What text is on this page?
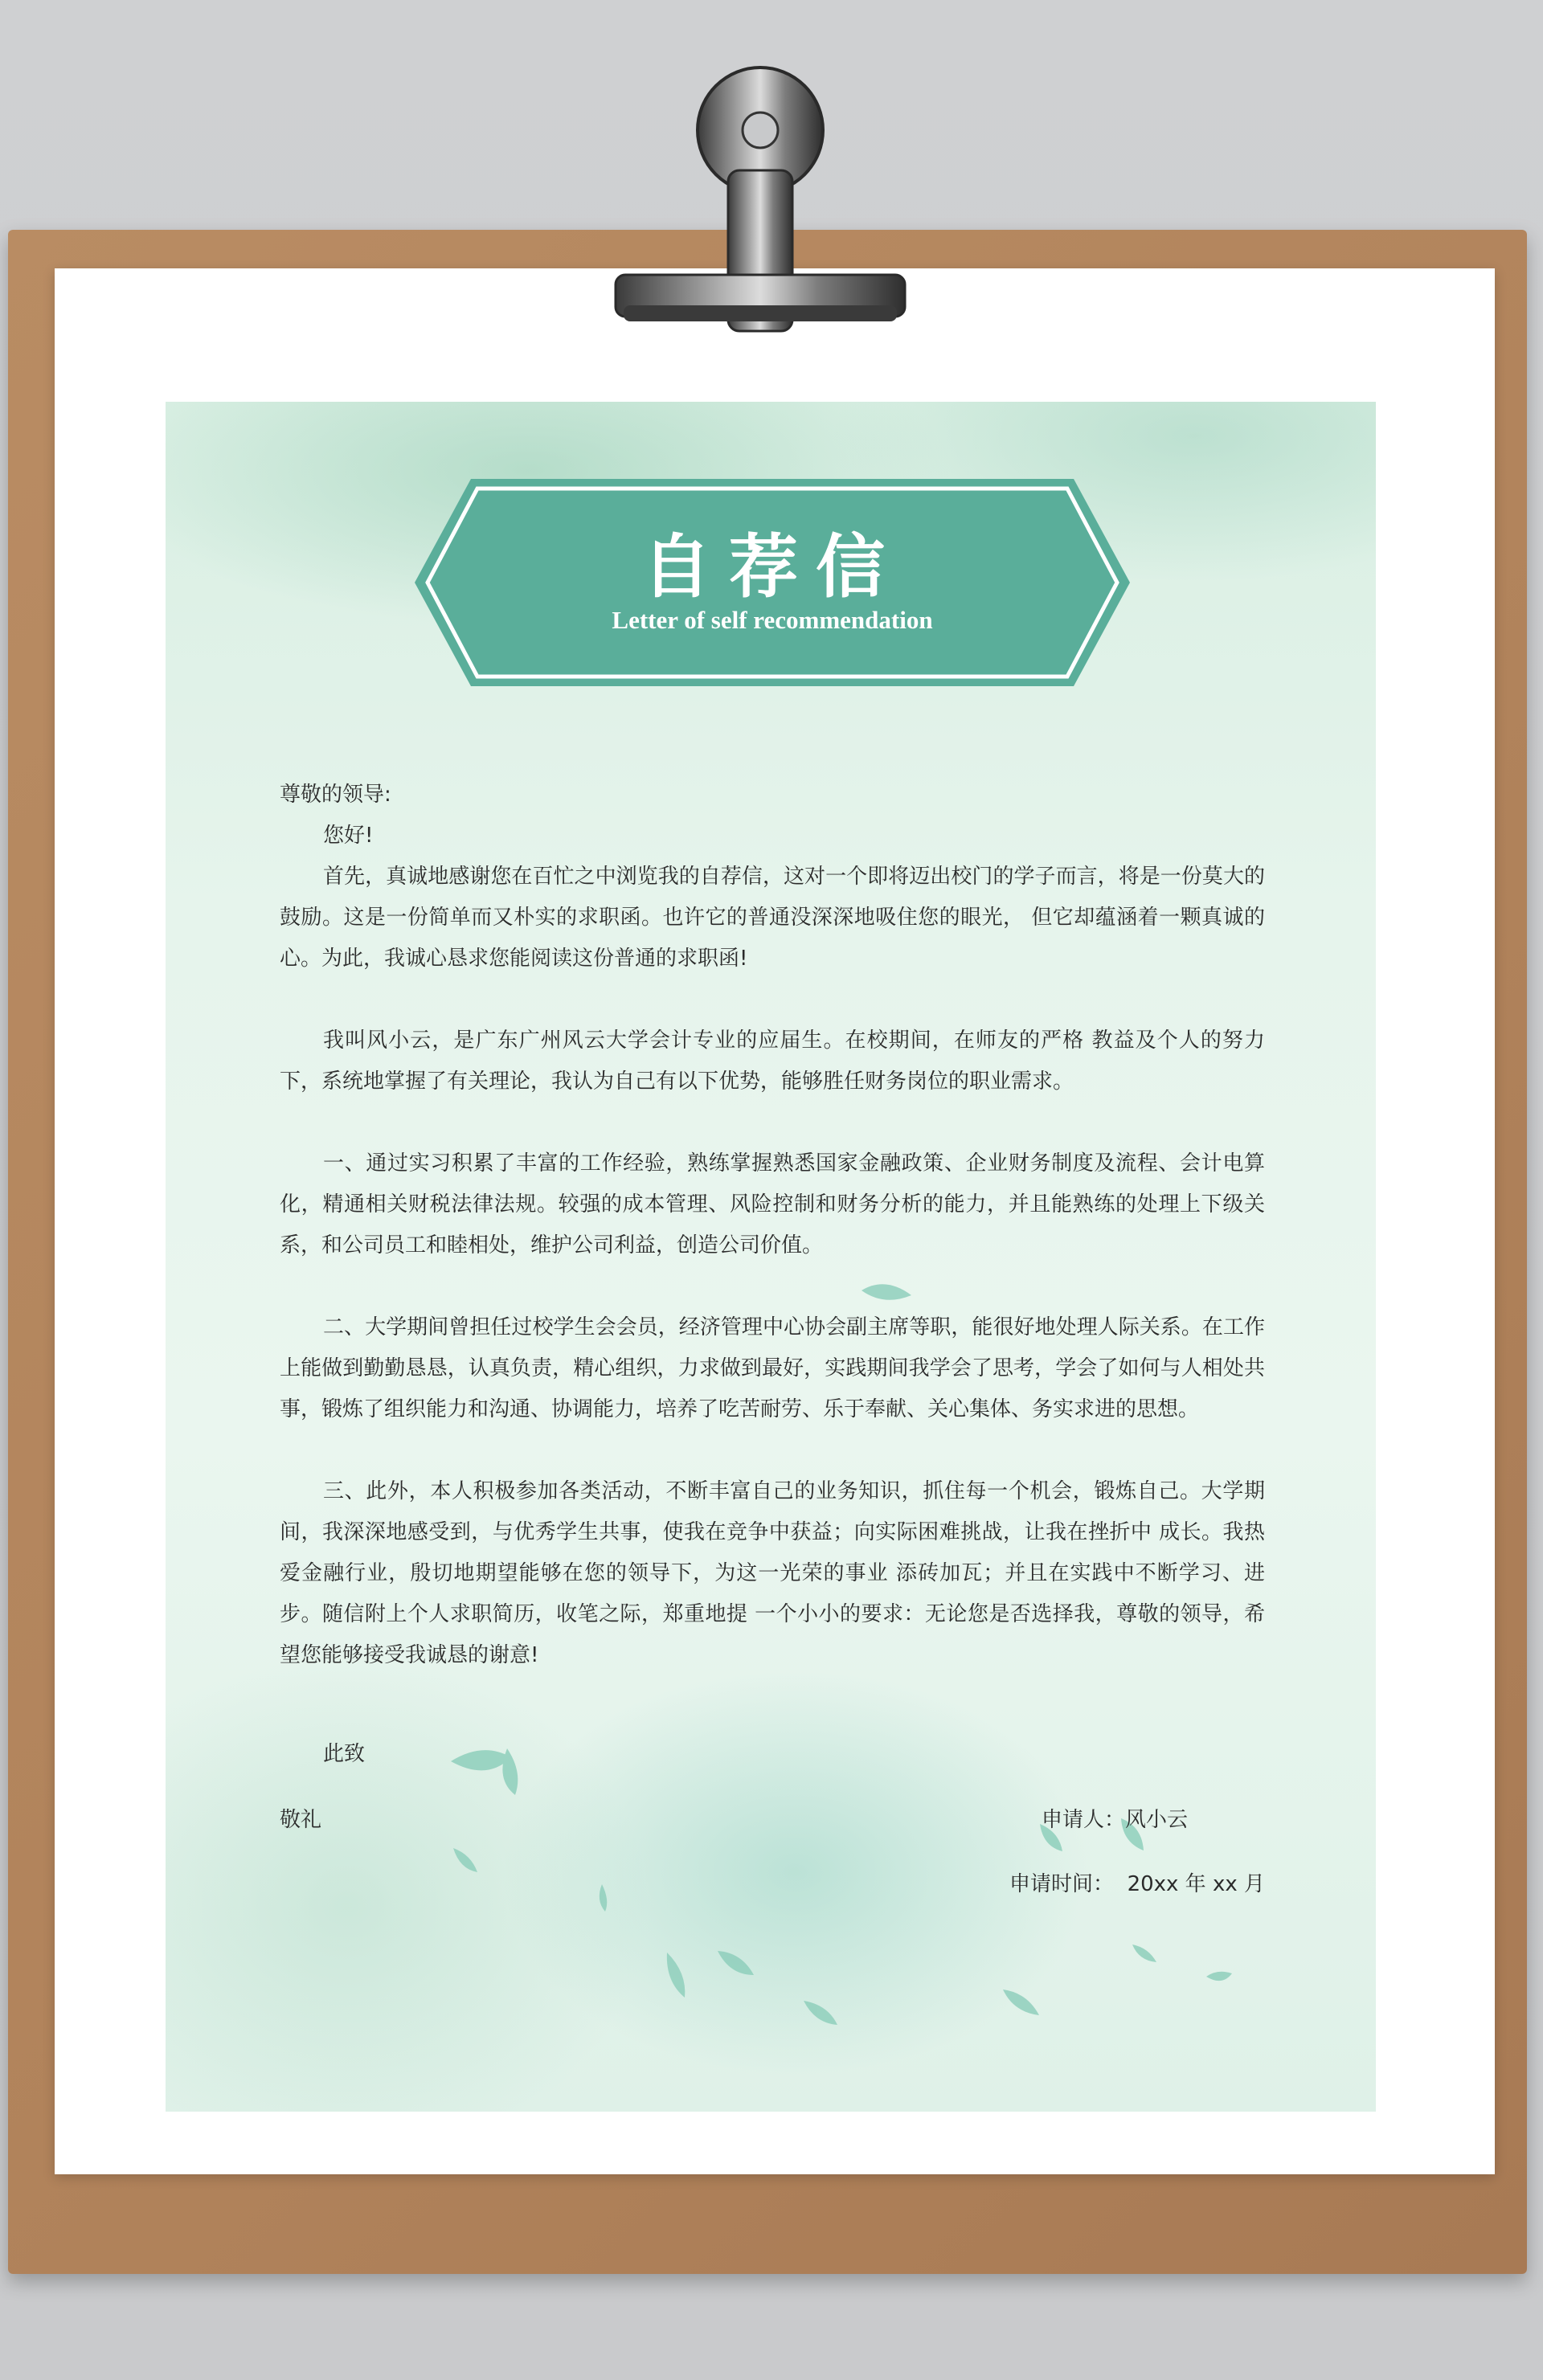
自荐信
Letter of self recommendation

尊敬的领导:

您好!

首先，真诚地感谢您在百忙之中浏览我的自荐信，这对一个即将迈出校门的学子而言，将是一份莫大的鼓励。这是一份简单而又朴实的求职函。也许它的普通没深深地吸住您的眼光， 但它却蕴涵着一颗真诚的心。为此，我诚心恳求您能阅读这份普通的求职函!

我叫风小云，是广东广州风云大学会计专业的应届生。在校期间，在师友的严格 教益及个人的努力下，系统地掌握了有关理论，我认为自己有以下优势，能够胜任财务岗位的职业需求。

一、通过实习积累了丰富的工作经验，熟练掌握熟悉国家金融政策、企业财务制度及流程、会计电算化，精通相关财税法律法规。较强的成本管理、风险控制和财务分析的能力，并且能熟练的处理上下级关系，和公司员工和睦相处，维护公司利益，创造公司价值。

二、大学期间曾担任过校学生会会员，经济管理中心协会副主席等职，能很好地处理人际关系。在工作上能做到勤勤恳恳，认真负责，精心组织，力求做到最好，实践期间我学会了思考，学会了如何与人相处共事，锻炼了组织能力和沟通、协调能力，培养了吃苦耐劳、乐于奉献、关心集体、务实求进的思想。

三、此外，本人积极参加各类活动，不断丰富自己的业务知识，抓住每一个机会，锻炼自己。大学期间，我深深地感受到，与优秀学生共事，使我在竞争中获益；向实际困难挑战，让我在挫折中 成长。我热爱金融行业，殷切地期望能够在您的领导下，为这一光荣的事业 添砖加瓦；并且在实践中不断学习、进步。随信附上个人求职简历，收笔之际，郑重地提 一个小小的要求：无论您是否选择我，尊敬的领导，希望您能够接受我诚恳的谢意!

此致
敬礼	申请人：风小云
申请时间： 20xx 年 xx 月
